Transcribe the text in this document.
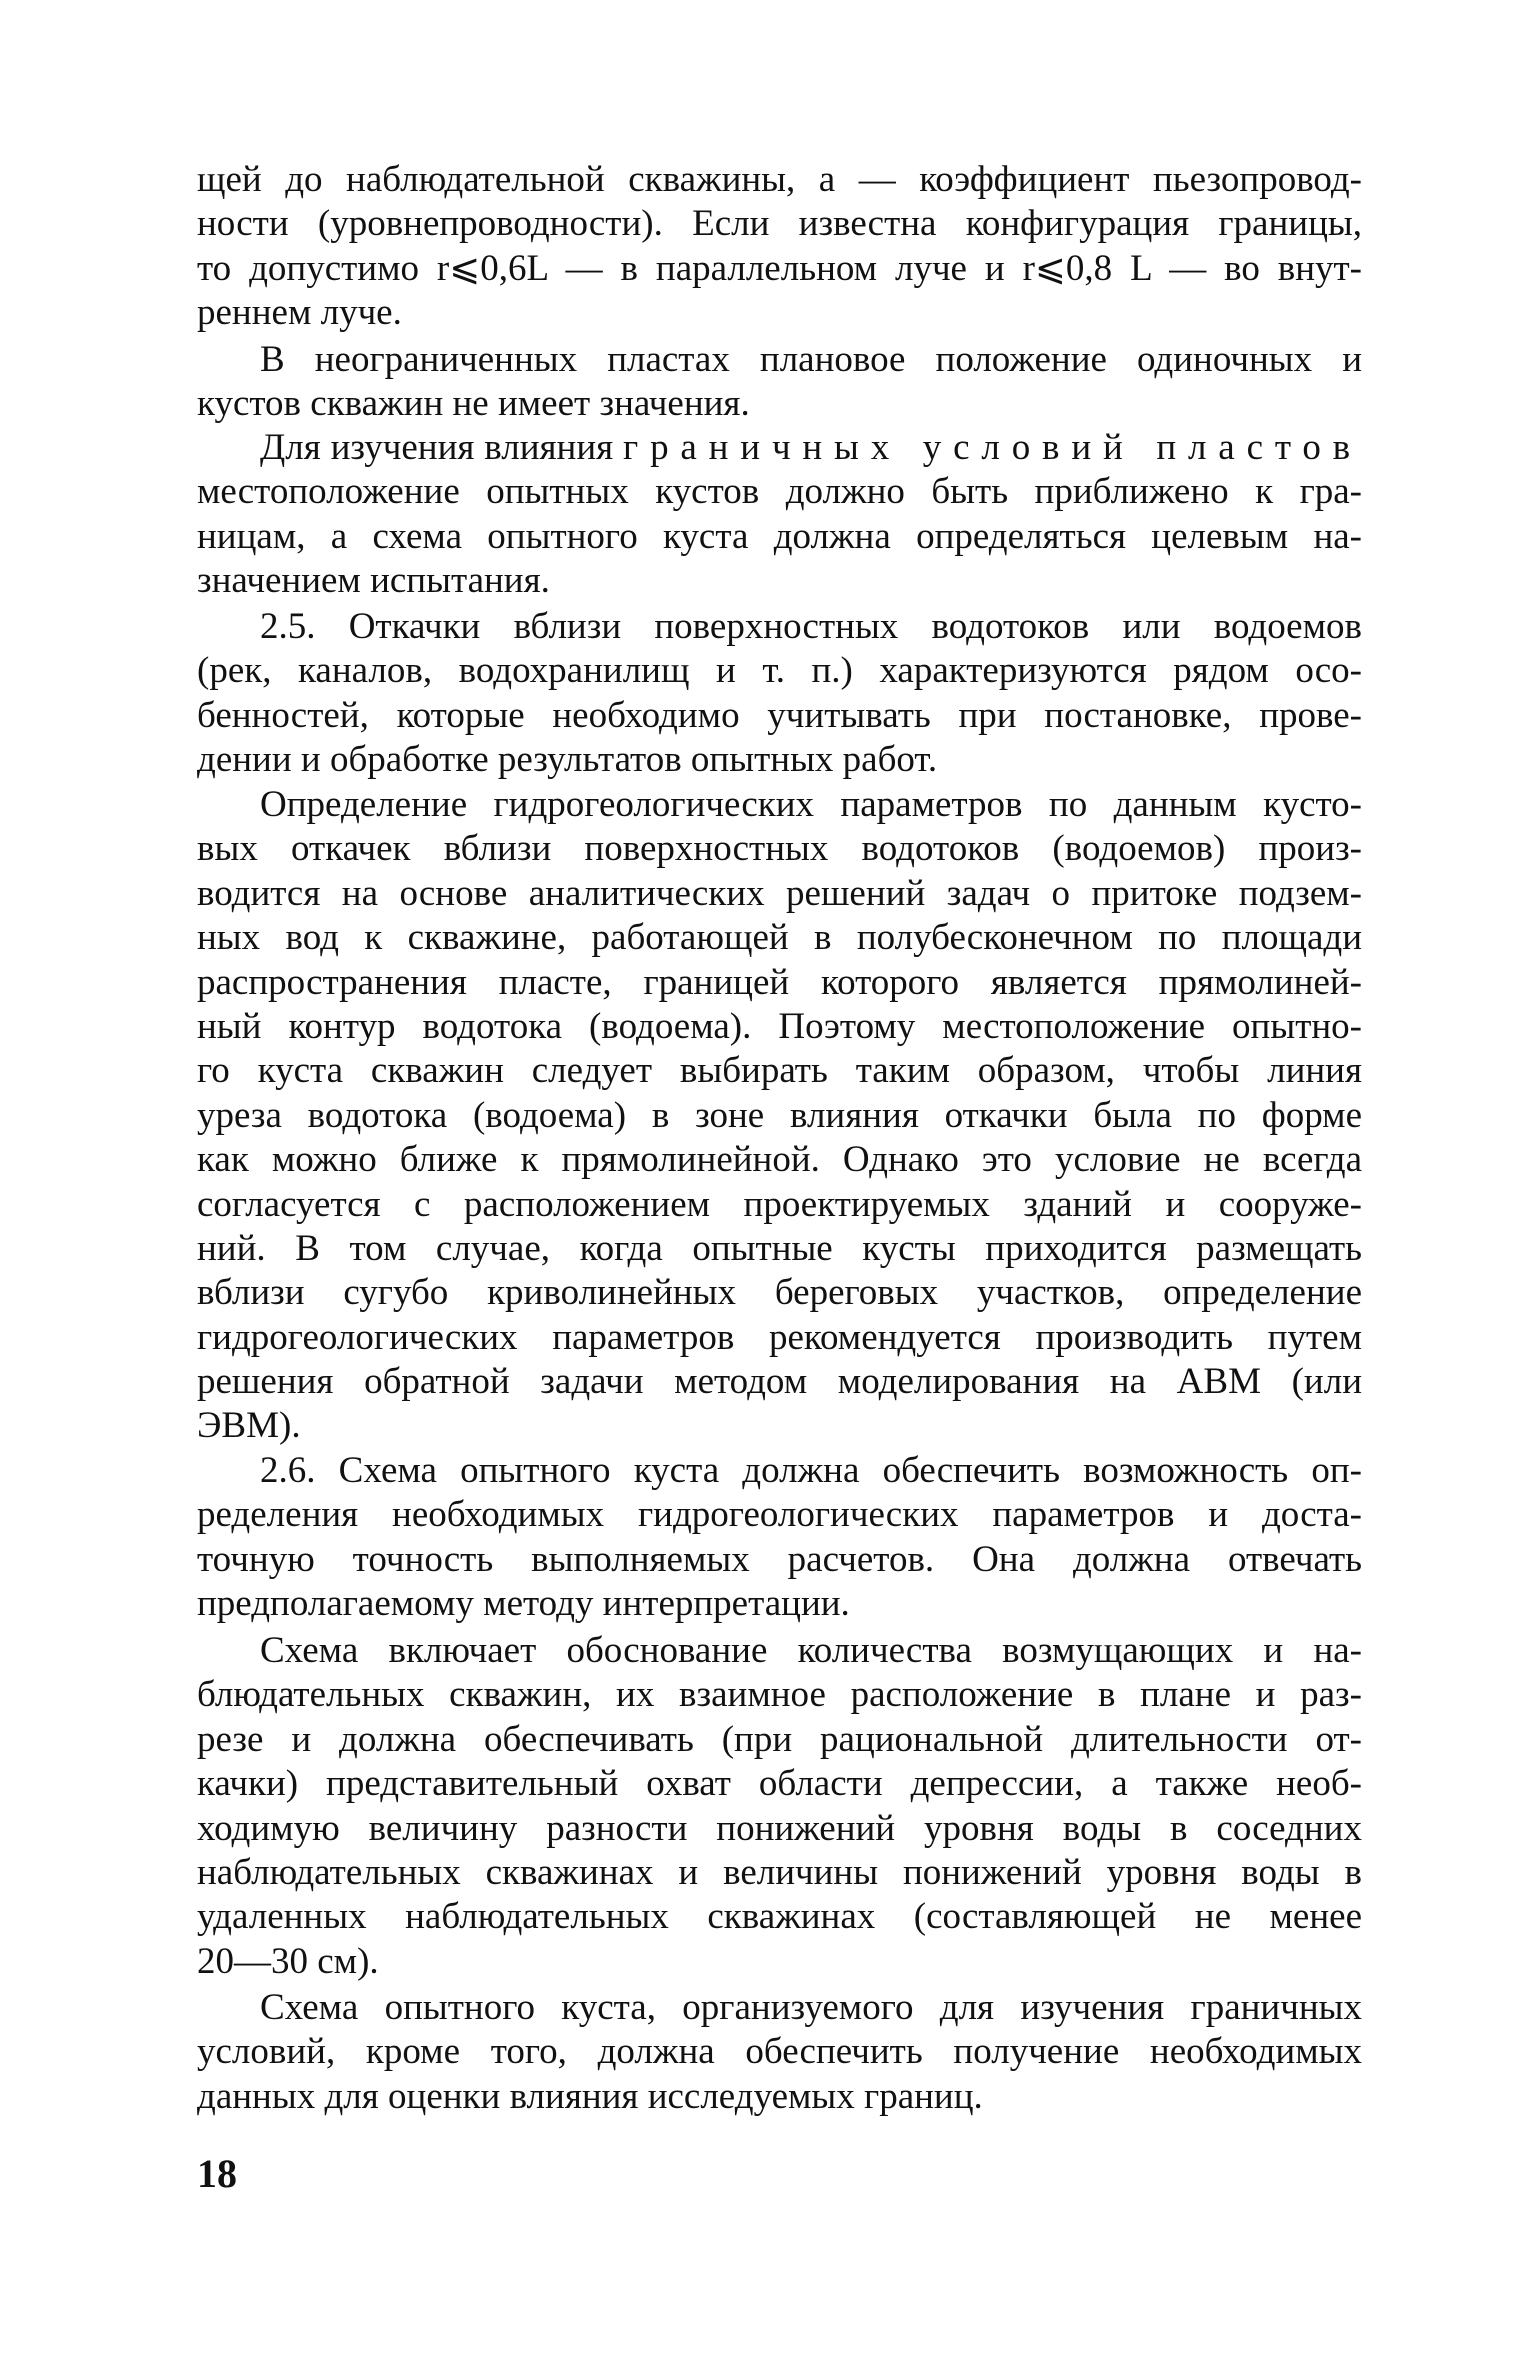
щей до наблюдательной скважины, a — коэффициент пьезопровод-
ности (уровнепроводности). Если известна конфигурация границы,
то допустимо r⩽0,6L — в параллельном луче и r⩽0,8 L — во внут-
реннем луче.
В неограниченных пластах плановое положение одиночных и
кустов скважин не имеет значения.
Для изучения влияния граничных условий пластов
местоположение опытных кустов должно быть приближено к гра-
ницам, а схема опытного куста должна определяться целевым на-
значением испытания.
2.5. Откачки вблизи поверхностных водотоков или водоемов
(рек, каналов, водохранилищ и т. п.) характеризуются рядом осо-
бенностей, которые необходимо учитывать при постановке, прове-
дении и обработке результатов опытных работ.
Определение гидрогеологических параметров по данным кусто-
вых откачек вблизи поверхностных водотоков (водоемов) произ-
водится на основе аналитических решений задач о притоке подзем-
ных вод к скважине, работающей в полубесконечном по площади
распространения пласте, границей которого является прямолиней-
ный контур водотока (водоема). Поэтому местоположение опытно-
го куста скважин следует выбирать таким образом, чтобы линия
уреза водотока (водоема) в зоне влияния откачки была по форме
как можно ближе к прямолинейной. Однако это условие не всегда
согласуется с расположением проектируемых зданий и сооруже-
ний. В том случае, когда опытные кусты приходится размещать
вблизи сугубо криволинейных береговых участков, определение
гидрогеологических параметров рекомендуется производить путем
решения обратной задачи методом моделирования на АВМ (или
ЭВМ).
2.6. Схема опытного куста должна обеспечить возможность оп-
ределения необходимых гидрогеологических параметров и доста-
точную точность выполняемых расчетов. Она должна отвечать
предполагаемому методу интерпретации.
Схема включает обоснование количества возмущающих и на-
блюдательных скважин, их взаимное расположение в плане и раз-
резе и должна обеспечивать (при рациональной длительности от-
качки) представительный охват области депрессии, а также необ-
ходимую величину разности понижений уровня воды в соседних
наблюдательных скважинах и величины понижений уровня воды в
удаленных наблюдательных скважинах (составляющей не менее
20—30 см).
Схема опытного куста, организуемого для изучения граничных
условий, кроме того, должна обеспечить получение необходимых
данных для оценки влияния исследуемых границ.
18
